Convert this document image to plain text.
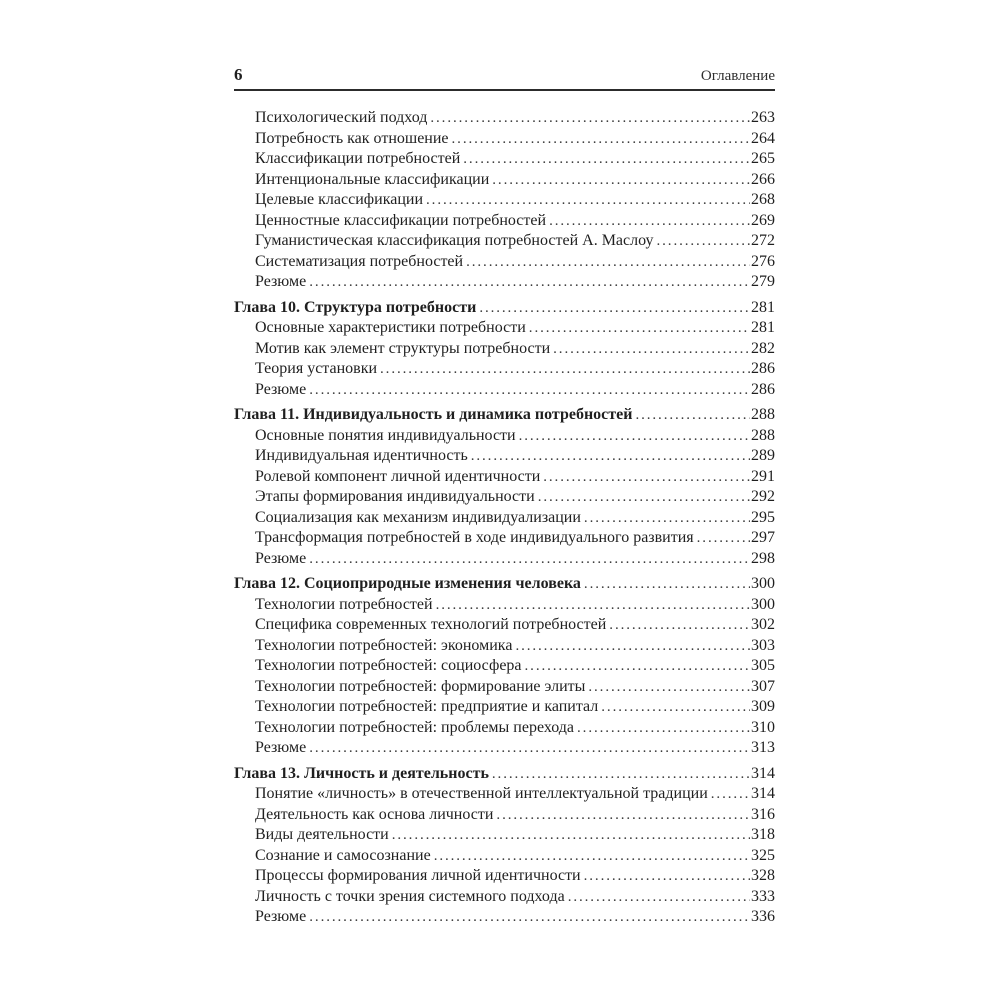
6	Оглавление
Психологический подход .....	263
Потребность как отношение .....	264
Классификации потребностей .....	265
Интенциональные классификации .....	266
Целевые классификации .....	268
Ценностные классификации потребностей .....	269
Гуманистическая классификация потребностей А. Маслоу .....	272
Систематизация потребностей .....	276
Резюме .....	279
Глава 10. Структура потребности .....	281
Основные характеристики потребности .....	281
Мотив как элемент структуры потребности .....	282
Теория установки .....	286
Резюме .....	286
Глава 11. Индивидуальность и динамика потребностей .....	288
Основные понятия индивидуальности .....	288
Индивидуальная идентичность .....	289
Ролевой компонент личной идентичности .....	291
Этапы формирования индивидуальности .....	292
Социализация как механизм индивидуализации .....	295
Трансформация потребностей в ходе индивидуального развития .....	297
Резюме .....	298
Глава 12. Социоприродные изменения человека .....	300
Технологии потребностей .....	300
Специфика современных технологий потребностей .....	302
Технологии потребностей: экономика .....	303
Технологии потребностей: социосфера .....	305
Технологии потребностей: формирование элиты .....	307
Технологии потребностей: предприятие и капитал .....	309
Технологии потребностей: проблемы перехода .....	310
Резюме .....	313
Глава 13. Личность и деятельность .....	314
Понятие «личность» в отечественной интеллектуальной традиции .....	314
Деятельность как основа личности .....	316
Виды деятельности .....	318
Сознание и самосознание .....	325
Процессы формирования личной идентичности .....	328
Личность с точки зрения системного подхода .....	333
Резюме .....	336
